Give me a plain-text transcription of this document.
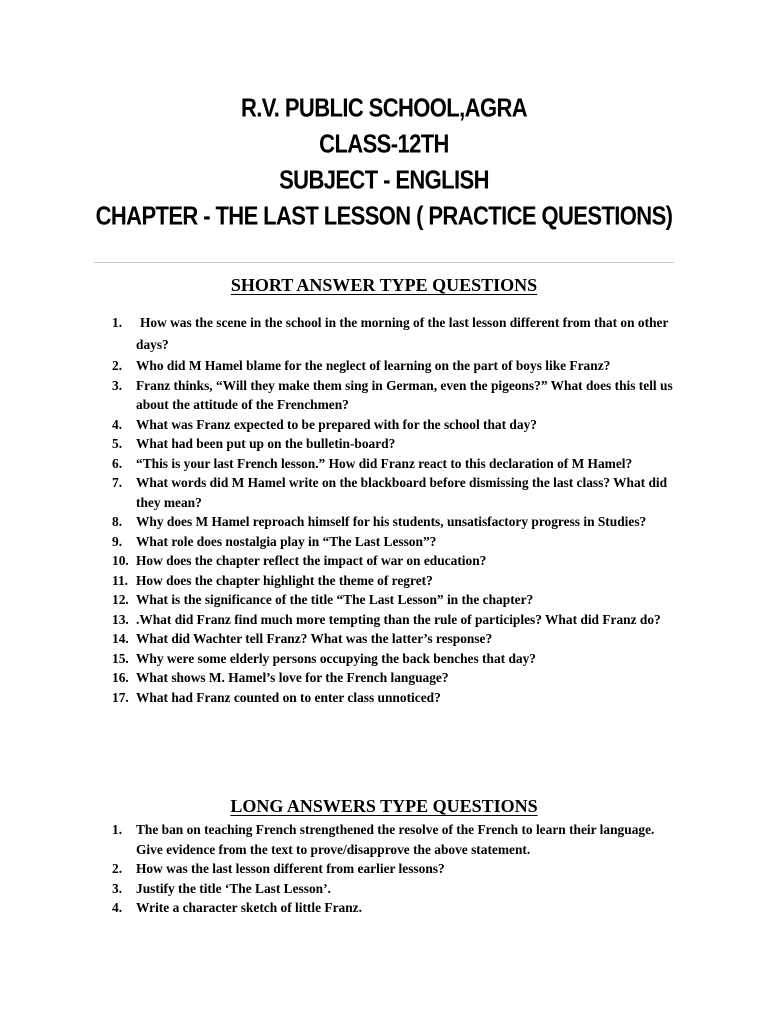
R.V. PUBLIC SCHOOL,AGRA
CLASS-12TH
SUBJECT - ENGLISH
CHAPTER - THE LAST LESSON ( PRACTICE QUESTIONS)
SHORT ANSWER TYPE QUESTIONS
1. How was the scene in the school in the morning of the last lesson different from that on other days?
2. Who did M Hamel blame for the neglect of learning on the part of boys like Franz?
3. Franz thinks, “Will they make them sing in German, even the pigeons?” What does this tell us about the attitude of the Frenchmen?
4. What was Franz expected to be prepared with for the school that day?
5. What had been put up on the bulletin-board?
6. “This is your last French lesson.” How did Franz react to this declaration of M Hamel?
7. What words did M Hamel write on the blackboard before dismissing the last class? What did they mean?
8. Why does M Hamel reproach himself for his students, unsatisfactory progress in Studies?
9. What role does nostalgia play in “The Last Lesson”?
10. How does the chapter reflect the impact of war on education?
11. How does the chapter highlight the theme of regret?
12. What is the significance of the title “The Last Lesson” in the chapter?
13. .What did Franz find much more tempting than the rule of participles? What did Franz do?
14. What did Wachter tell Franz? What was the latter’s response?
15. Why were some elderly persons occupying the back benches that day?
16. What shows M. Hamel’s love for the French language?
17. What had Franz counted on to enter class unnoticed?
LONG ANSWERS TYPE QUESTIONS
1. The ban on teaching French strengthened the resolve of the French to learn their language. Give evidence from the text to prove/disapprove the above statement.
2. How was the last lesson different from earlier lessons?
3. Justify the title ‘The Last Lesson’.
4. Write a character sketch of little Franz.
